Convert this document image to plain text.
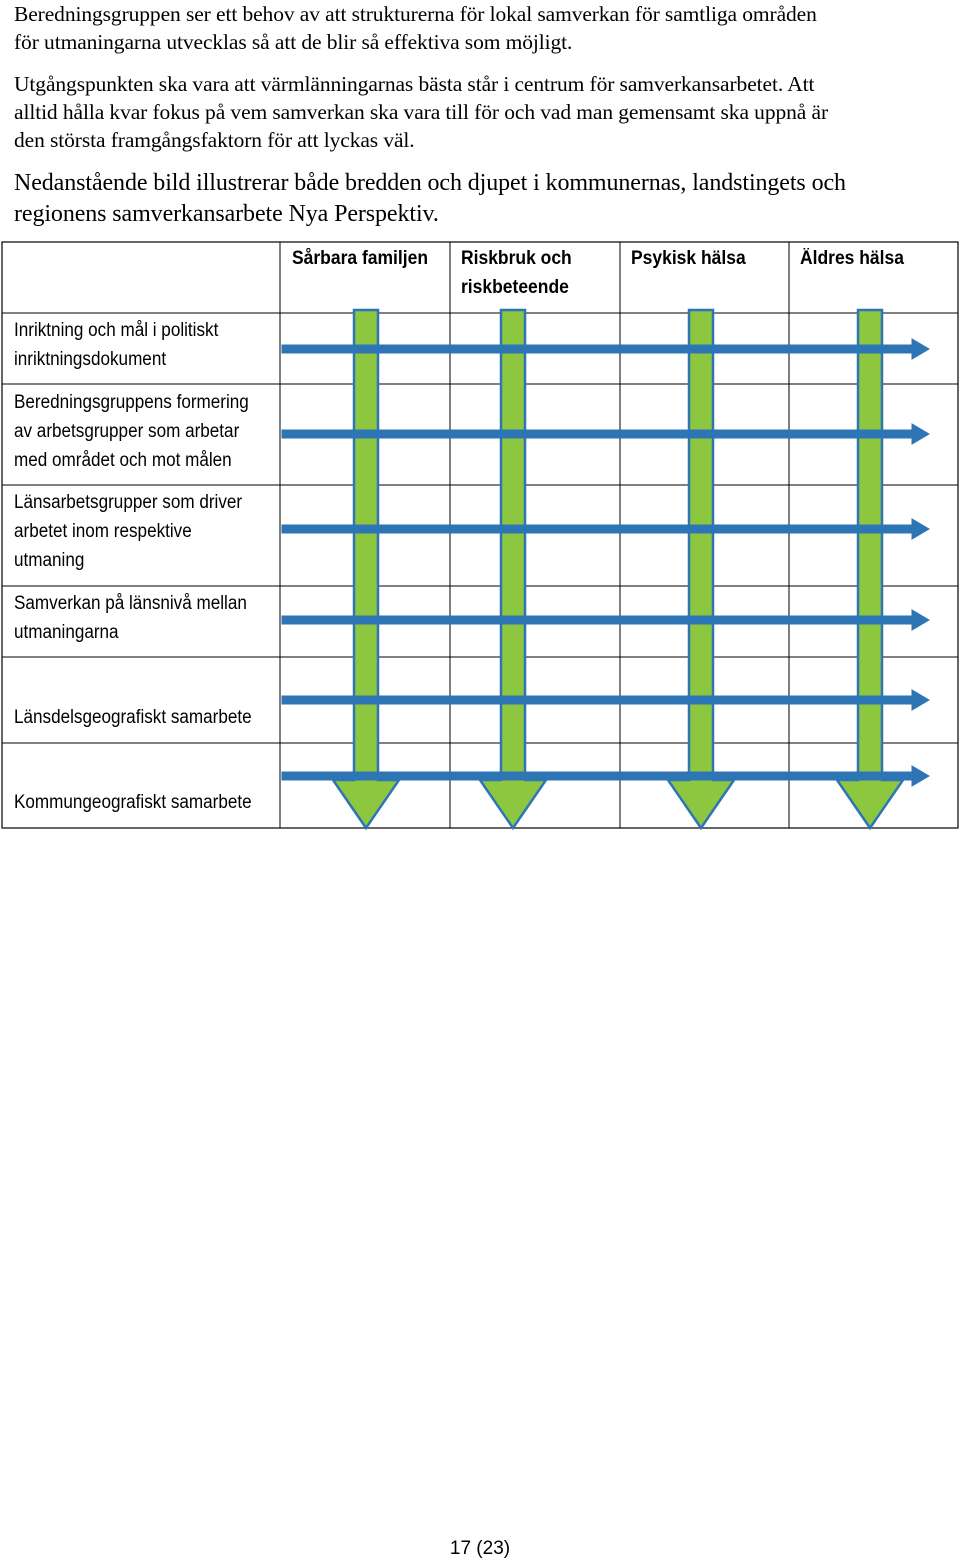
Beredningsgruppen ser ett behov av att strukturerna för lokal samverkan för samtliga områden
för utmaningarna utvecklas så att de blir så effektiva som möjligt.

Utgångspunkten ska vara att värmlänningarnas bästa står i centrum för samverkansarbetet. Att
alltid hålla kvar fokus på vem samverkan ska vara till för och vad man gemensamt ska uppnå är
den största framgångsfaktorn för att lyckas väl.

Nedanstående bild illustrerar både bredden och djupet i kommunernas, landstingets och
regionens samverkansarbete Nya Perspektiv.

Sårbara familjen	Riskbruk och
riskbeteende
Psykisk hälsa	Äldres hälsa
Inriktning och mål i politiskt
inriktningsdokument
Beredningsgruppens formering
av arbetsgrupper som arbetar
med området och mot målen
Länsarbetsgrupper som driver
arbetet inom respektive
utmaning
Samverkan på länsnivå mellan
utmaningarna
Länsdelsgeografiskt samarbete
Kommungeografiskt samarbete
17 (23)
